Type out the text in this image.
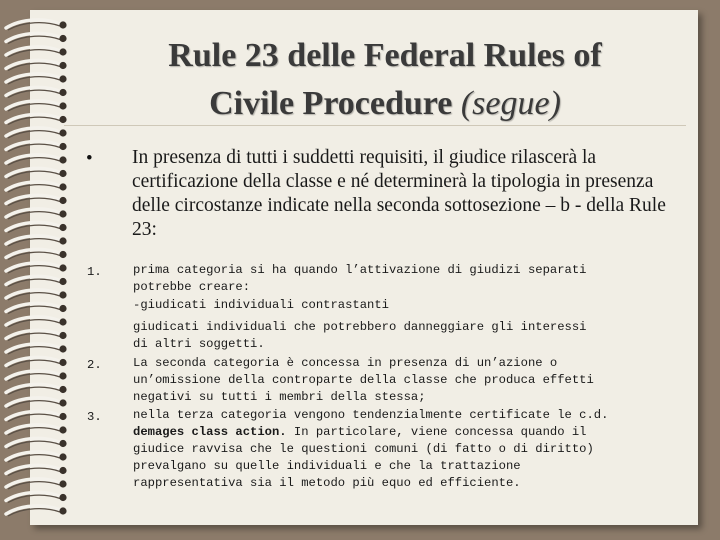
Rule 23 delle Federal Rules of
Civile Procedure (segue)
• In presenza di tutti i suddetti requisiti, il giudice rilascerà la certificazione della classe e né determinerà la tipologia in presenza delle circostanze indicate nella seconda sottosezione – b - della Rule 23:
1.	prima categoria si ha quando l’attivazione di giudizi separati
potrebbe creare:
-giudicati individuali contrastanti
giudicati individuali che potrebbero danneggiare gli interessi
di altri soggetti.
2.	La seconda categoria è concessa in presenza di un’azione o
un’omissione della controparte della classe che produca effetti
negativi su tutti i membri della stessa;
3.	nella terza categoria vengono tendenzialmente certificate le c.d.
demages class action. In particolare, viene concessa quando il
giudice ravvisa che le questioni comuni (di fatto o di diritto)
prevalgano su quelle individuali e che la trattazione
rappresentativa sia il metodo più equo ed efficiente.
